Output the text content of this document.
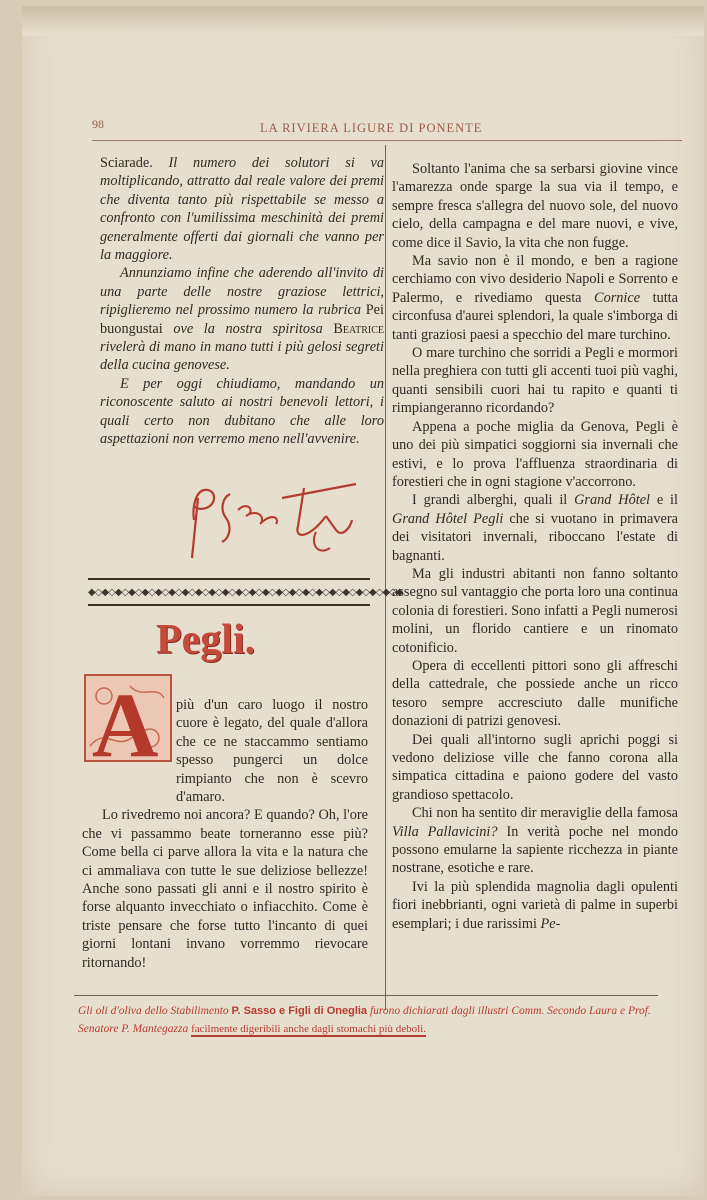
98	LA RIVIERA LIGURE DI PONENTE

Sciarade. Il numero dei solutori si va moltiplicando, attratto dal reale valore dei premi che diventa tanto più rispettabile se messo a confronto con l'umilissima meschinità dei premi generalmente offerti dai giornali che vanno per la maggiore.

Annunziamo infine che aderendo all'invito di una parte delle nostre graziose lettrici, ripiglieremo nel prossimo numero la rubrica Pei buongustai ove la nostra spiritosa Beatrice rivelerà di mano in mano tutti i più gelosi segreti della cucina genovese.

E per oggi chiudiamo, mandando un riconoscente saluto ai nostri benevoli lettori, i quali certo non dubitano che alle loro aspettazioni non verremo meno nell'avvenire.

◆◇◆◇◆◇◆◇◆◇◆◇◆◇◆◇◆◇◆◇◆◇◆◇◆◇◆◇◆◇◆◇◆◇◆◇◆◇◆◇◆◇◆◇◆◇◆
Pegli.
A più d'un caro luogo il nostro cuore è legato, del quale d'allora che ce ne staccammo sentiamo spesso pungerci un dolce rimpianto che non è scevro d'amaro.

Lo rivedremo noi ancora? E quando? Oh, l'ore che vi passammo beate torneranno esse più? Come bella ci parve allora la vita e la natura che ci ammaliava con tutte le sue deliziose bellezze! Anche sono passati gli anni e il nostro spirito è forse alquanto invecchiato o infiacchito. Come è triste pensare che forse tutto l'incanto di quei giorni lontani invano vorremmo rievocare ritornando!

Soltanto l'anima che sa serbarsi giovine vince l'amarezza onde sparge la sua via il tempo, e sempre fresca s'allegra del nuovo sole, del nuovo cielo, della campagna e del mare nuovi, e vive, come dice il Savio, la vita che non fugge.

Ma savio non è il mondo, e ben a ragione cerchiamo con vivo desiderio Napoli e Sorrento e Palermo, e rivediamo questa Cornice tutta circonfusa d'aurei splendori, la quale s'imborga di tanti graziosi paesi a specchio del mare turchino.

O mare turchino che sorridi a Pegli e mormori nella preghiera con tutti gli accenti tuoi più vaghi, quanti sensibili cuori hai tu rapito e quanti ti rimpiangeranno ricordando?

Appena a poche miglia da Genova, Pegli è uno dei più simpatici soggiorni sia invernali che estivi, e lo prova l'affluenza straordinaria di forestieri che in ogni stagione v'accorrono.

I grandi alberghi, quali il Grand Hôtel e il Grand Hôtel Pegli che si vuotano in primavera dei visitatori invernali, riboccano l'estate di bagnanti.

Ma gli industri abitanti non fanno soltanto assegno sul vantaggio che porta loro una continua colonia di forestieri. Sono infatti a Pegli numerosi molini, un florido cantiere e un rinomato cotonificio.

Opera di eccellenti pittori sono gli affreschi della cattedrale, che possiede anche un ricco tesoro sempre accresciuto dalle munifiche donazioni di patrizi genovesi.

Dei quali all'intorno sugli aprichi poggi si vedono deliziose ville che fanno corona alla simpatica cittadina e paiono godere del vasto grandioso spettacolo.

Chi non ha sentito dir meraviglie della famosa Villa Pallavicini? In verità poche nel mondo possono emularne la sapiente ricchezza in piante nostrane, esotiche e rare.

Ivi la più splendida magnolia dagli opulenti fiori inebbrianti, ogni varietà di palme in superbi esemplari; i due rarissimi Pe-

Gli oli d'oliva dello Stabilimento P. Sasso e Figli di Oneglia furono dichiarati dagli illustri Comm. Secondo Laura e Prof. Senatore P. Mantegazza facilmente digeribili anche dagli stomachi più deboli.
